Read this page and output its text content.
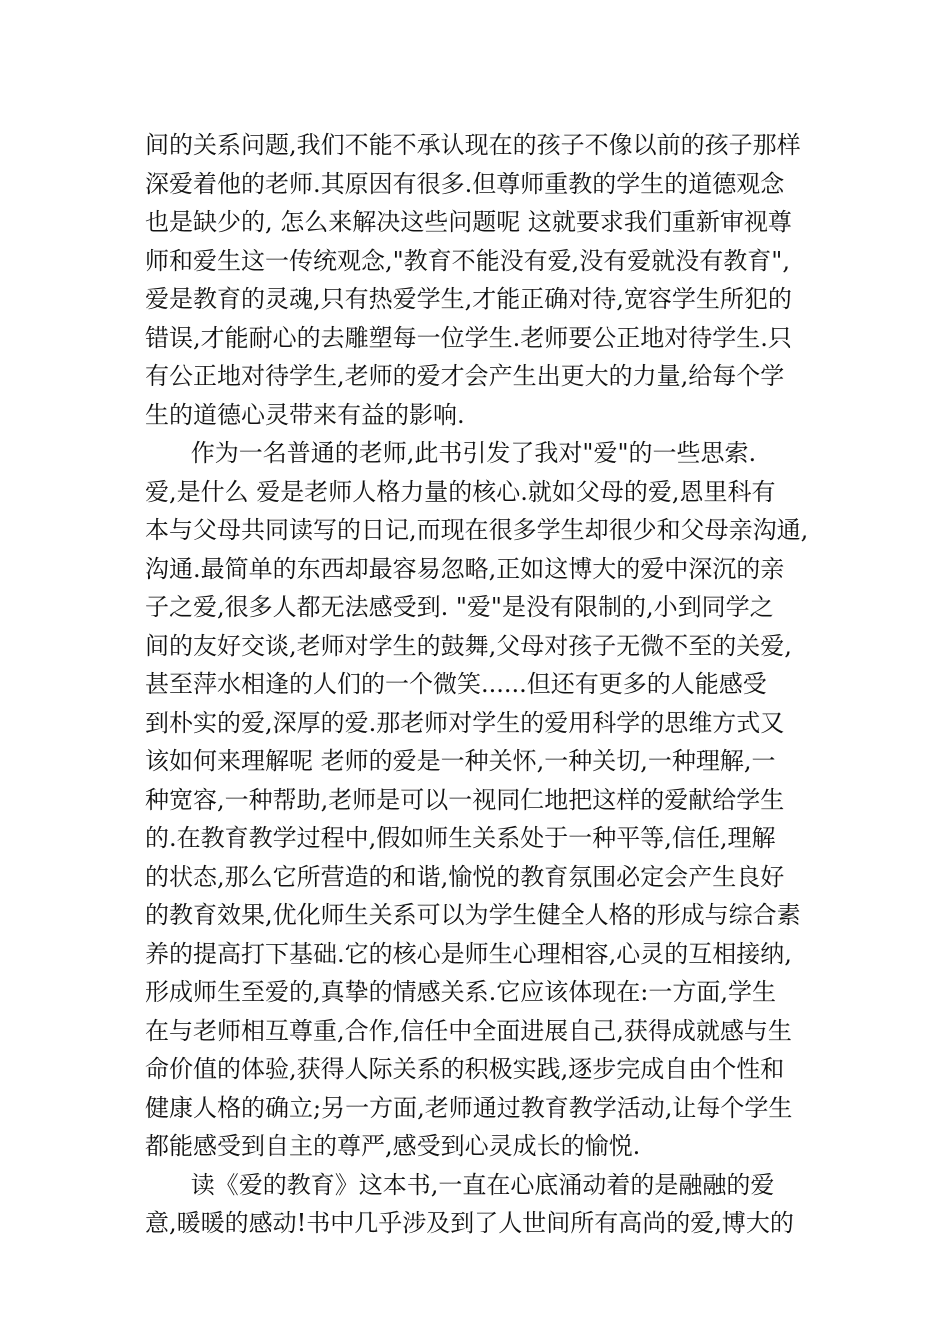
间的关系问题,我们不能不承认现在的孩子不像以前的孩子那样
深爱着他的老师.其原因有很多.但尊师重教的学生的道德观念
也是缺少的, 怎么来解决这些问题呢 这就要求我们重新审视尊
师和爱生这一传统观念,"教育不能没有爱,没有爱就没有教育",
爱是教育的灵魂,只有热爱学生,才能正确对待,宽容学生所犯的
错误,才能耐心的去雕塑每一位学生.老师要公正地对待学生.只
有公正地对待学生,老师的爱才会产生出更大的力量,给每个学
生的道德心灵带来有益的影响.
作为一名普通的老师,此书引发了我对"爱"的一些思索.
爱,是什么 爱是老师人格力量的核心.就如父母的爱,恩里科有
本与父母共同读写的日记,而现在很多学生却很少和父母亲沟通,
沟通.最简单的东西却最容易忽略,正如这博大的爱中深沉的亲
子之爱,很多人都无法感受到. "爱"是没有限制的,小到同学之
间的友好交谈,老师对学生的鼓舞,父母对孩子无微不至的关爱,
甚至萍水相逢的人们的一个微笑......但还有更多的人能感受
到朴实的爱,深厚的爱.那老师对学生的爱用科学的思维方式又
该如何来理解呢 老师的爱是一种关怀,一种关切,一种理解,一
种宽容,一种帮助,老师是可以一视同仁地把这样的爱献给学生
的.在教育教学过程中,假如师生关系处于一种平等,信任,理解
的状态,那么它所营造的和谐,愉悦的教育氛围必定会产生良好
的教育效果,优化师生关系可以为学生健全人格的形成与综合素
养的提高打下基础.它的核心是师生心理相容,心灵的互相接纳,
形成师生至爱的,真挚的情感关系.它应该体现在:一方面,学生
在与老师相互尊重,合作,信任中全面进展自己,获得成就感与生
命价值的体验,获得人际关系的积极实践,逐步完成自由个性和
健康人格的确立;另一方面,老师通过教育教学活动,让每个学生
都能感受到自主的尊严,感受到心灵成长的愉悦.
读《爱的教育》这本书,一直在心底涌动着的是融融的爱
意,暖暖的感动!书中几乎涉及到了人世间所有高尚的爱,博大的
